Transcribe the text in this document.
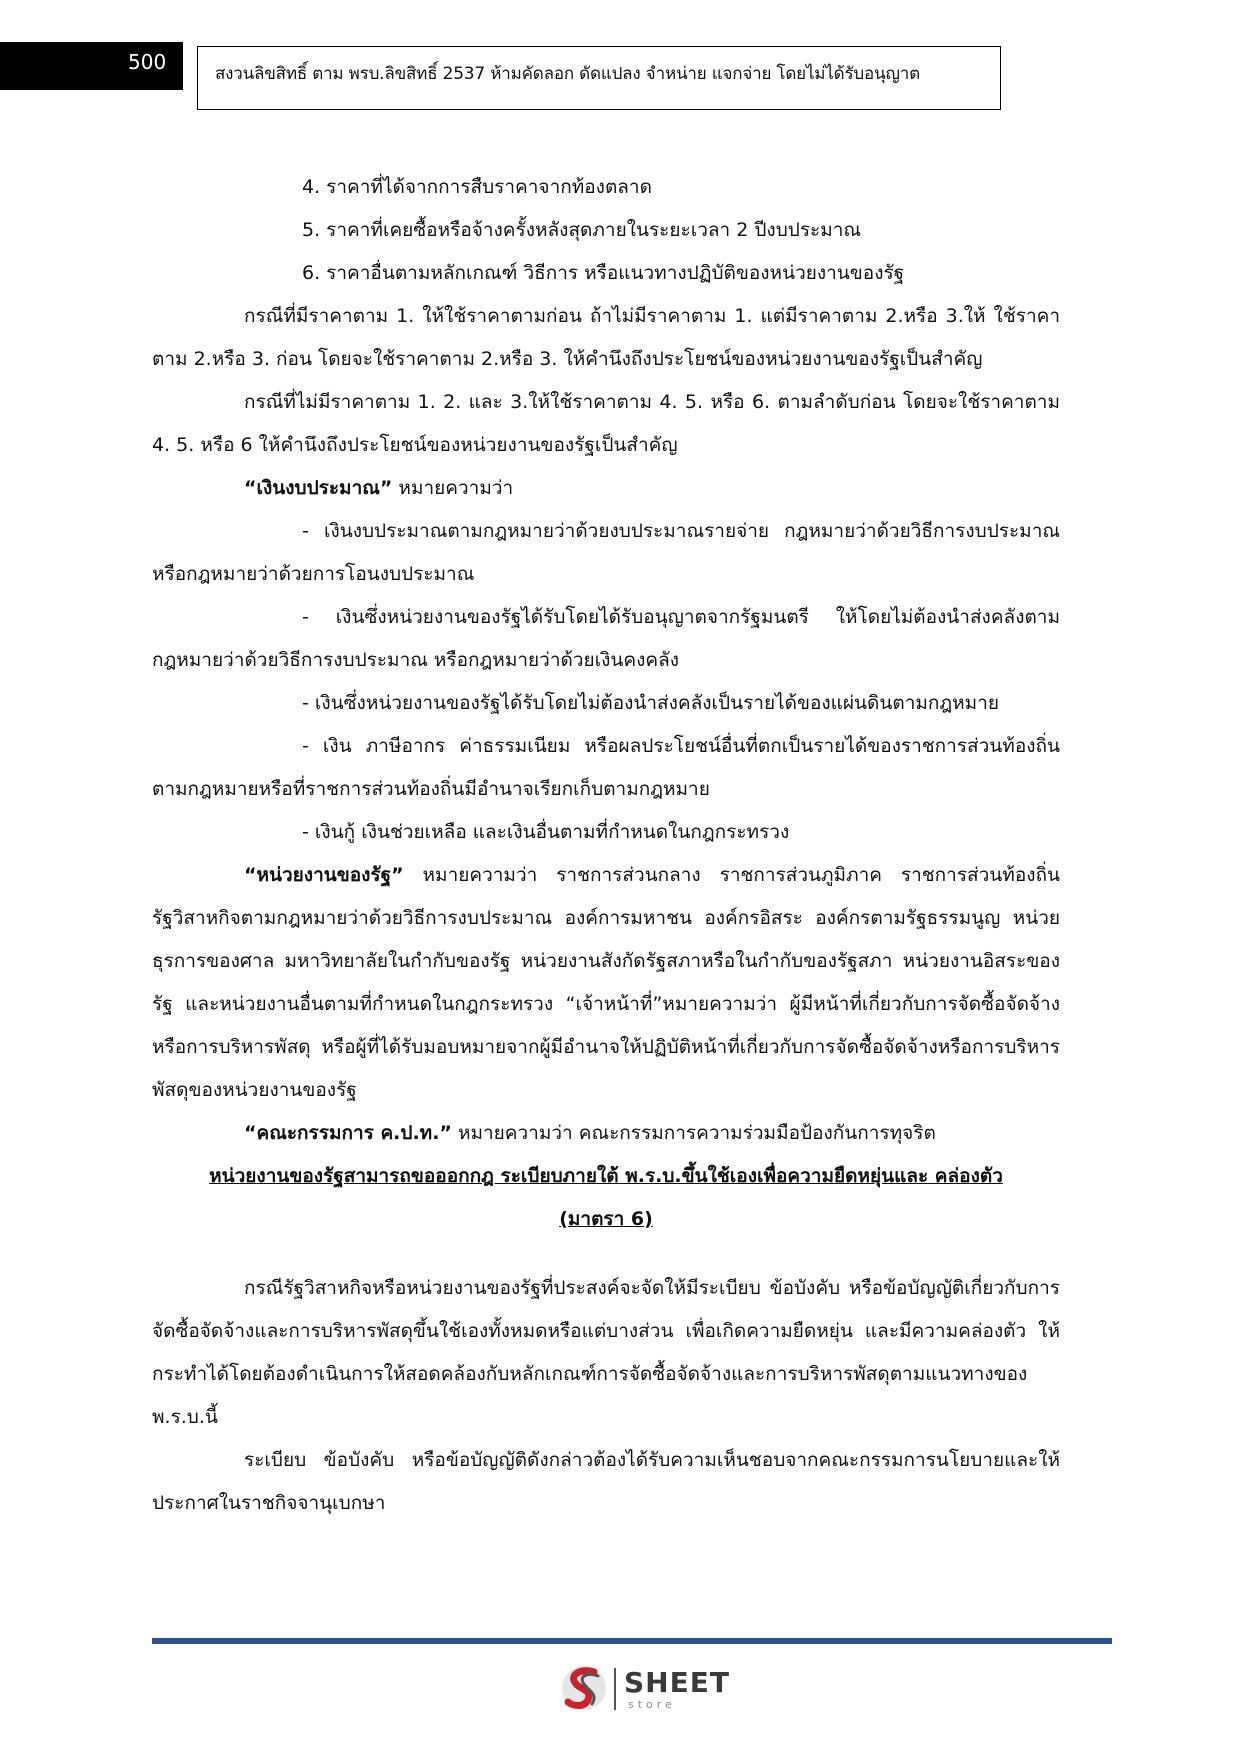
500	สงวนลิขสิทธิ์ ตาม พรบ.ลิขสิทธิ์ 2537 ห้ามคัดลอก ดัดแปลง จำหน่าย แจกจ่าย โดยไม่ได้รับอนุญาต

4. ราคาที่ได้จากการสืบราคาจากท้องตลาด

5. ราคาที่เคยซื้อหรือจ้างครั้งหลังสุดภายในระยะเวลา 2 ปีงบประมาณ

6. ราคาอื่นตามหลักเกณฑ์ วิธีการ หรือแนวทางปฏิบัติของหน่วยงานของรัฐ

กรณีที่มีราคาตาม 1. ให้ใช้ราคาตามก่อน ถ้าไม่มีราคาตาม 1. แต่มีราคาตาม 2.หรือ 3.ให้ ใช้ราคาตาม 2.หรือ 3. ก่อน โดยจะใช้ราคาตาม 2.หรือ 3. ให้คำนึงถึงประโยชน์ของหน่วยงานของรัฐเป็นสำคัญ

กรณีที่ไม่มีราคาตาม 1. 2. และ 3.ให้ใช้ราคาตาม 4. 5. หรือ 6. ตามลำดับก่อน โดยจะใช้ราคาตาม 4. 5. หรือ 6 ให้คำนึงถึงประโยชน์ของหน่วยงานของรัฐเป็นสำคัญ

“เงินงบประมาณ” หมายความว่า

- เงินงบประมาณตามกฎหมายว่าด้วยงบประมาณรายจ่าย กฎหมายว่าด้วยวิธีการงบประมาณ หรือกฎหมายว่าด้วยการโอนงบประมาณ

- เงินซึ่งหน่วยงานของรัฐได้รับโดยได้รับอนุญาตจากรัฐมนตรี ให้โดยไม่ต้องนำส่งคลังตาม กฎหมายว่าด้วยวิธีการงบประมาณ หรือกฎหมายว่าด้วยเงินคงคลัง

- เงินซึ่งหน่วยงานของรัฐได้รับโดยไม่ต้องนำส่งคลังเป็นรายได้ของแผ่นดินตามกฎหมาย

- เงิน ภาษีอากร ค่าธรรมเนียม หรือผลประโยชน์อื่นที่ตกเป็นรายได้ของราชการส่วนท้องถิ่นตามกฎหมายหรือที่ราชการส่วนท้องถิ่นมีอำนาจเรียกเก็บตามกฎหมาย

- เงินกู้ เงินช่วยเหลือ และเงินอื่นตามที่กำหนดในกฎกระทรวง

“หน่วยงานของรัฐ” หมายความว่า ราชการส่วนกลาง ราชการส่วนภูมิภาค ราชการส่วนท้องถิ่น รัฐวิสาหกิจตามกฎหมายว่าด้วยวิธีการงบประมาณ องค์การมหาชน องค์กรอิสระ องค์กรตามรัฐธรรมนูญ หน่วยธุรการของศาล มหาวิทยาลัยในกำกับของรัฐ หน่วยงานสังกัดรัฐสภาหรือในกำกับของรัฐสภา หน่วยงานอิสระของรัฐ และหน่วยงานอื่นตามที่กำหนดในกฎกระทรวง “เจ้าหน้าที่”หมายความว่า ผู้มีหน้าที่เกี่ยวกับการจัดซื้อจัดจ้างหรือการบริหารพัสดุ หรือผู้ที่ได้รับมอบหมายจากผู้มีอำนาจให้ปฏิบัติหน้าที่เกี่ยวกับการจัดซื้อจัดจ้างหรือการบริหารพัสดุของหน่วยงานของรัฐ

“คณะกรรมการ ค.ป.ท.” หมายความว่า คณะกรรมการความร่วมมือป้องกันการทุจริต

หน่วยงานของรัฐสามารถขอออกกฎ ระเบียบภายใต้ พ.ร.บ.ขึ้นใช้เองเพื่อความยืดหยุ่นและ คล่องตัว

(มาตรา 6)

กรณีรัฐวิสาหกิจหรือหน่วยงานของรัฐที่ประสงค์จะจัดให้มีระเบียบ ข้อบังคับ หรือข้อบัญญัติเกี่ยวกับการจัดซื้อจัดจ้างและการบริหารพัสดุขึ้นใช้เองทั้งหมดหรือแต่บางส่วน เพื่อเกิดความยืดหยุ่น และมีความคล่องตัว ให้กระทำได้โดยต้องดำเนินการให้สอดคล้องกับหลักเกณฑ์การจัดซื้อจัดจ้างและการบริหารพัสดุตามแนวทางของ พ.ร.บ.นี้

ระเบียบ ข้อบังคับ หรือข้อบัญญัติดังกล่าวต้องได้รับความเห็นชอบจากคณะกรรมการนโยบายและให้ประกาศในราชกิจจานุเบกษา

SHEET
store
